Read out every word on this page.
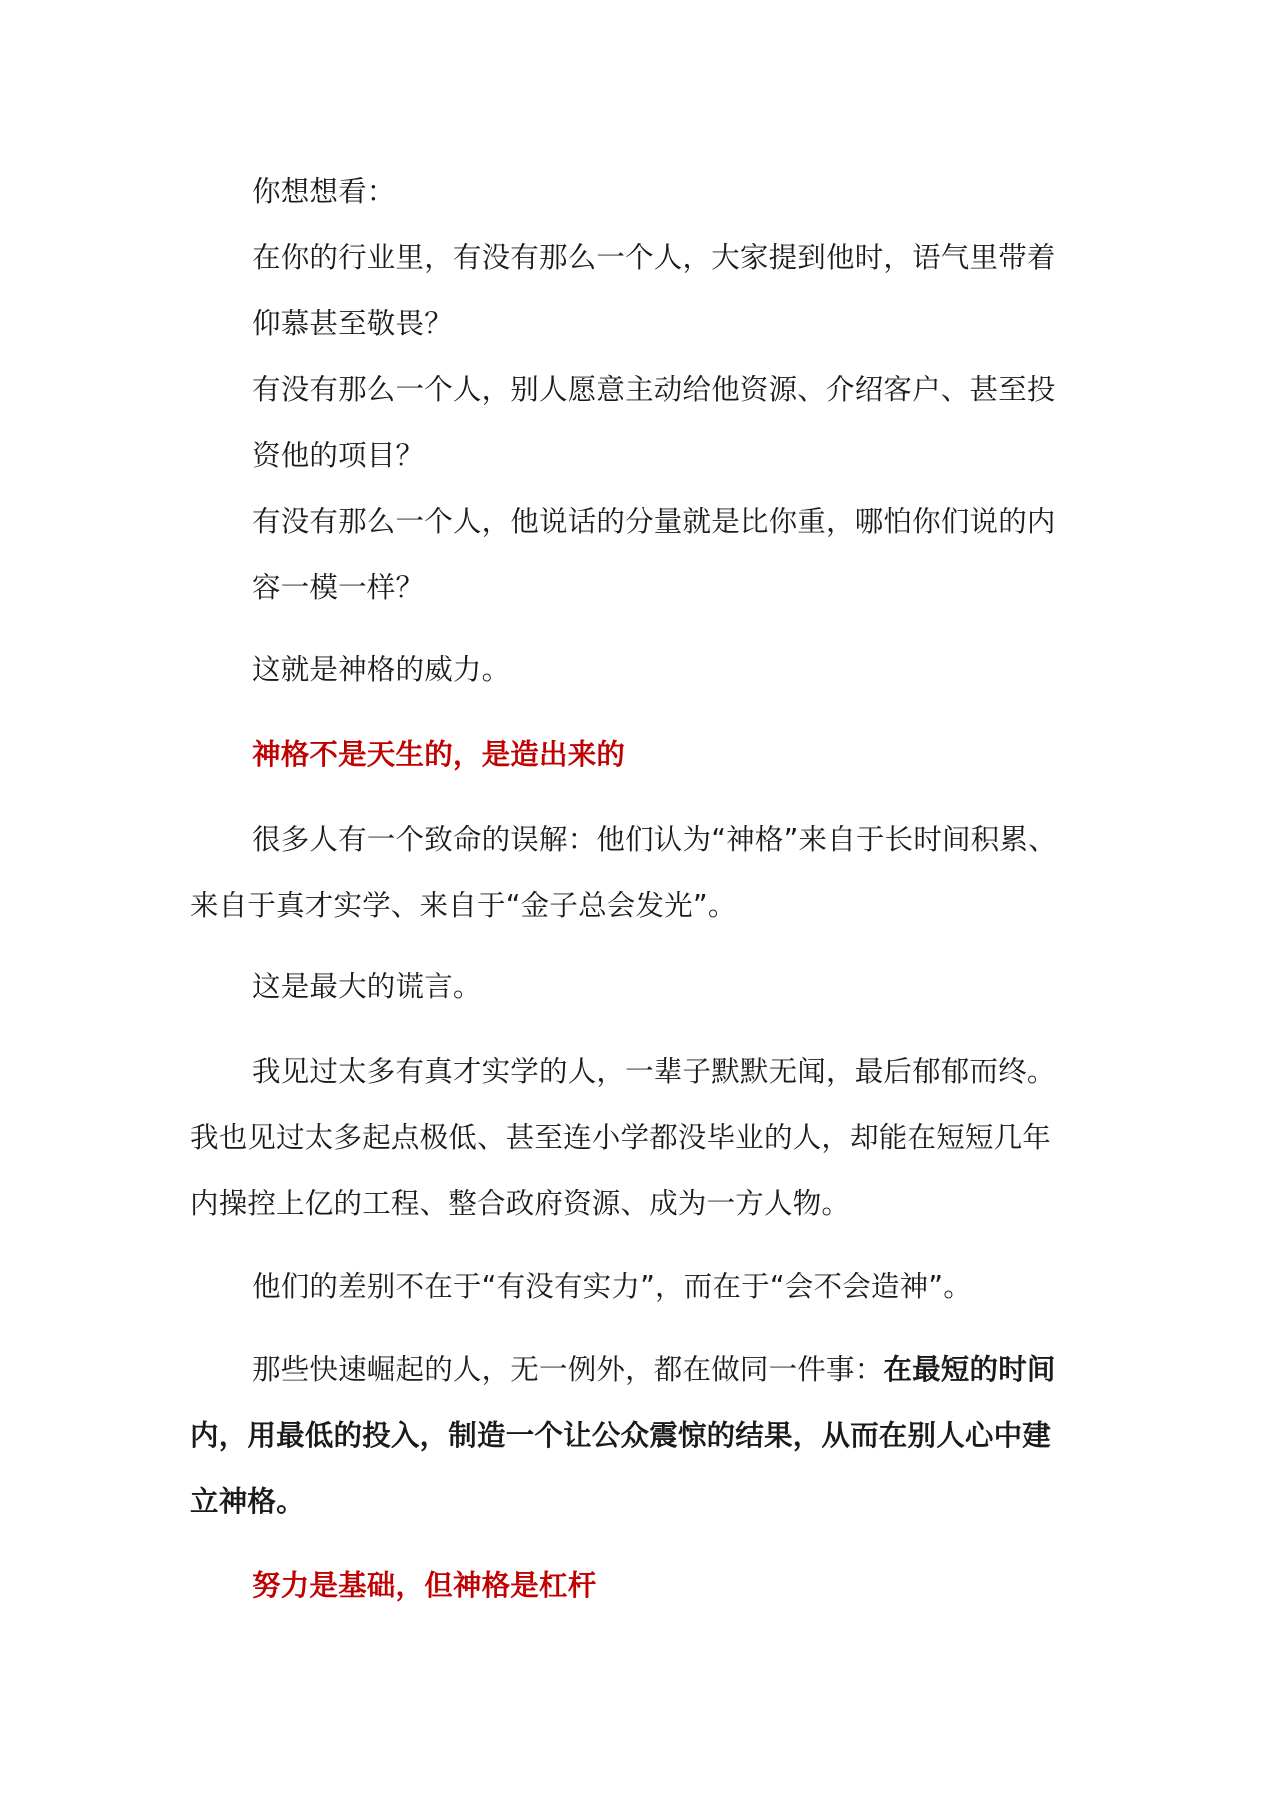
你想想看：
在你的行业里，有没有那么一个人，大家提到他时，语气里带着
仰慕甚至敬畏？
有没有那么一个人，别人愿意主动给他资源、介绍客户、甚至投
资他的项目？
有没有那么一个人，他说话的分量就是比你重，哪怕你们说的内
容一模一样？
这就是神格的威力。
神格不是天生的，是造出来的
很多人有一个致命的误解：他们认为“神格”来自于长时间积累、
来自于真才实学、来自于“金子总会发光”。
这是最大的谎言。
我见过太多有真才实学的人，一辈子默默无闻，最后郁郁而终。
我也见过太多起点极低、甚至连小学都没毕业的人，却能在短短几年
内操控上亿的工程、整合政府资源、成为一方人物。
他们的差别不在于“有没有实力”，而在于“会不会造神”。
那些快速崛起的人，无一例外，都在做同一件事：在最短的时间
内，用最低的投入，制造一个让公众震惊的结果，从而在别人心中建
立神格。
努力是基础，但神格是杠杆
